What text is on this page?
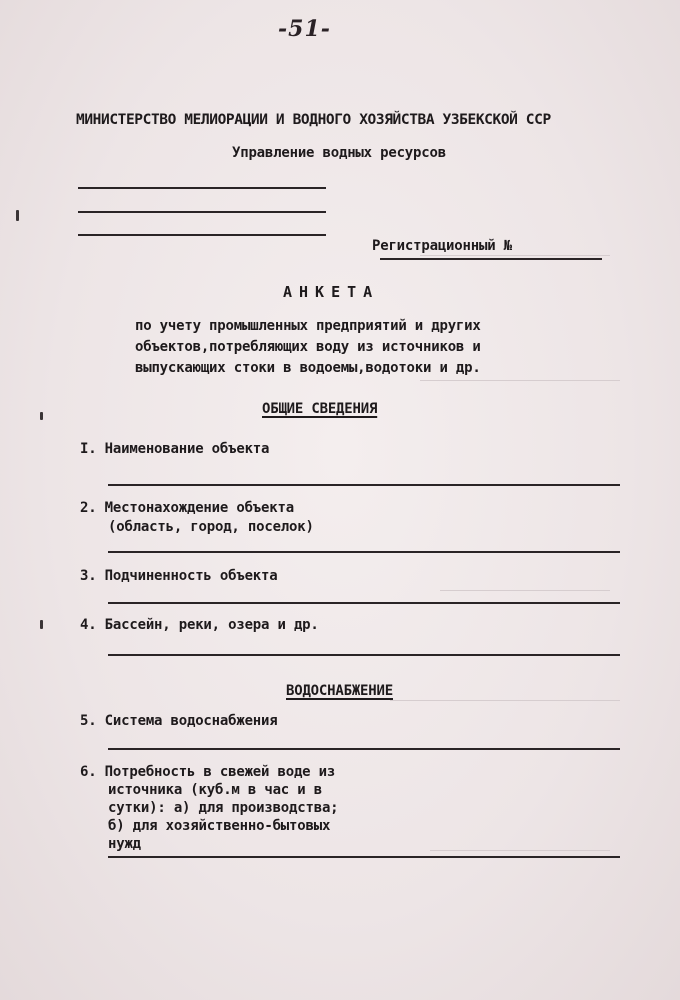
-51-
МИНИСТЕРСТВО МЕЛИОРАЦИИ И ВОДНОГО ХОЗЯЙСТВА УЗБЕКСКОЙ ССР
Управление водных ресурсов
Регистрационный №
АНКЕТА
по учету промышленных предприятий и других
объектов,потребляющих воду из источников и
выпускающих стоки в водоемы,водотоки и др.
ОБЩИЕ СВЕДЕНИЯ
I. Наименование объекта
2. Местонахождение объекта
(область, город, поселок)
3. Подчиненность объекта
4. Бассейн, реки, озера и др.
ВОДОСНАБЖЕНИЕ
5. Система водоснабжения
6. Потребность в свежей воде из
источника (куб.м в час и в
сутки): а) для производства;
б) для хозяйственно-бытовых
нужд
